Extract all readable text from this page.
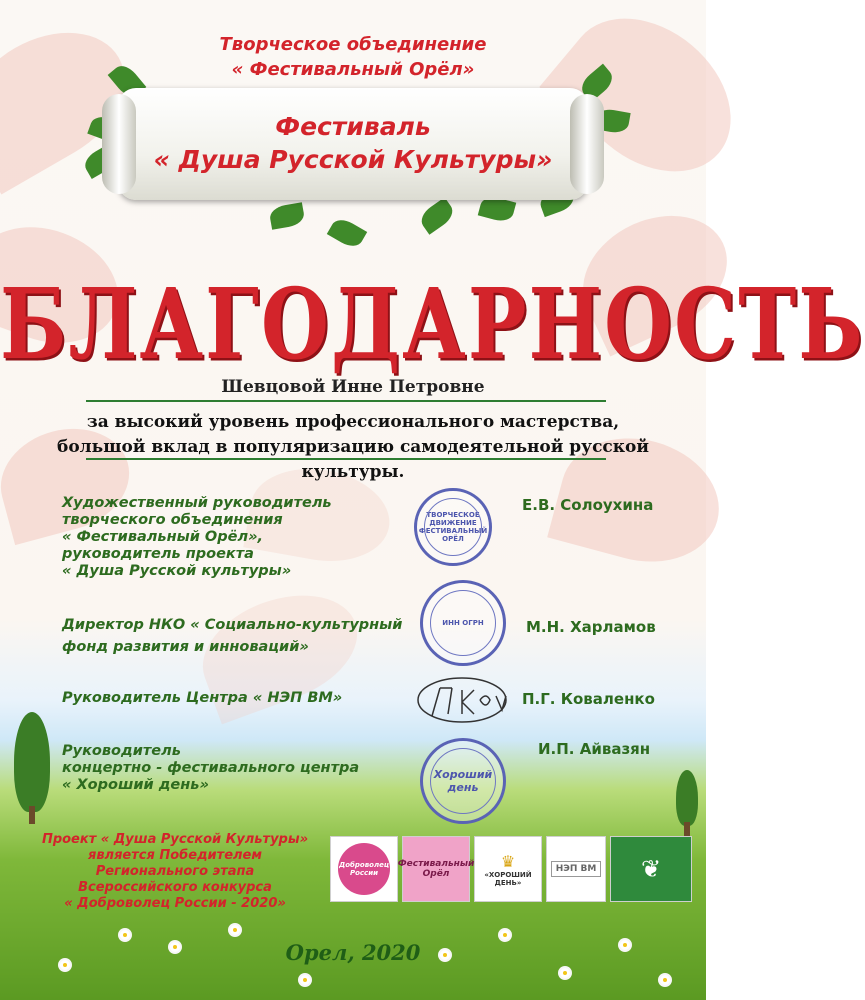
Творческое объединение
« Фестивальный Орёл»
Фестиваль
« Душа Русской Культуры»
БЛАГОДАРНОСТЬ
Шевцовой Инне Петровне
за высокий уровень профессионального мастерства,
большой вклад в популяризацию самодеятельной русской
культуры.
Художественный руководитель
творческого объединения
« Фестивальный Орёл»,
руководитель проекта
« Душа Русской культуры»
ТВОРЧЕСКОЕ ДВИЖЕНИЕ ФЕСТИВАЛЬНЫЙ ОРЁЛ
Е.В. Солоухина
Директор НКО « Социально-культурный
фонд развития и инноваций»
ИНН ОГРН	М.Н. Харламов
Руководитель Центра « НЭП ВМ»	П.Г. Коваленко
Руководитель
концертно - фестивального центра
« Хороший день»
Хороший день
И.П. Айвазян
Проект « Душа Русской Культуры»
является Победителем Регионального этапа
Всероссийского конкурса
« Доброволец России - 2020»
Доброволец России
Фестивальный Орёл
♛
«ХОРОШИЙ ДЕНЬ»
НЭП ВМ ❦
Орел, 2020
